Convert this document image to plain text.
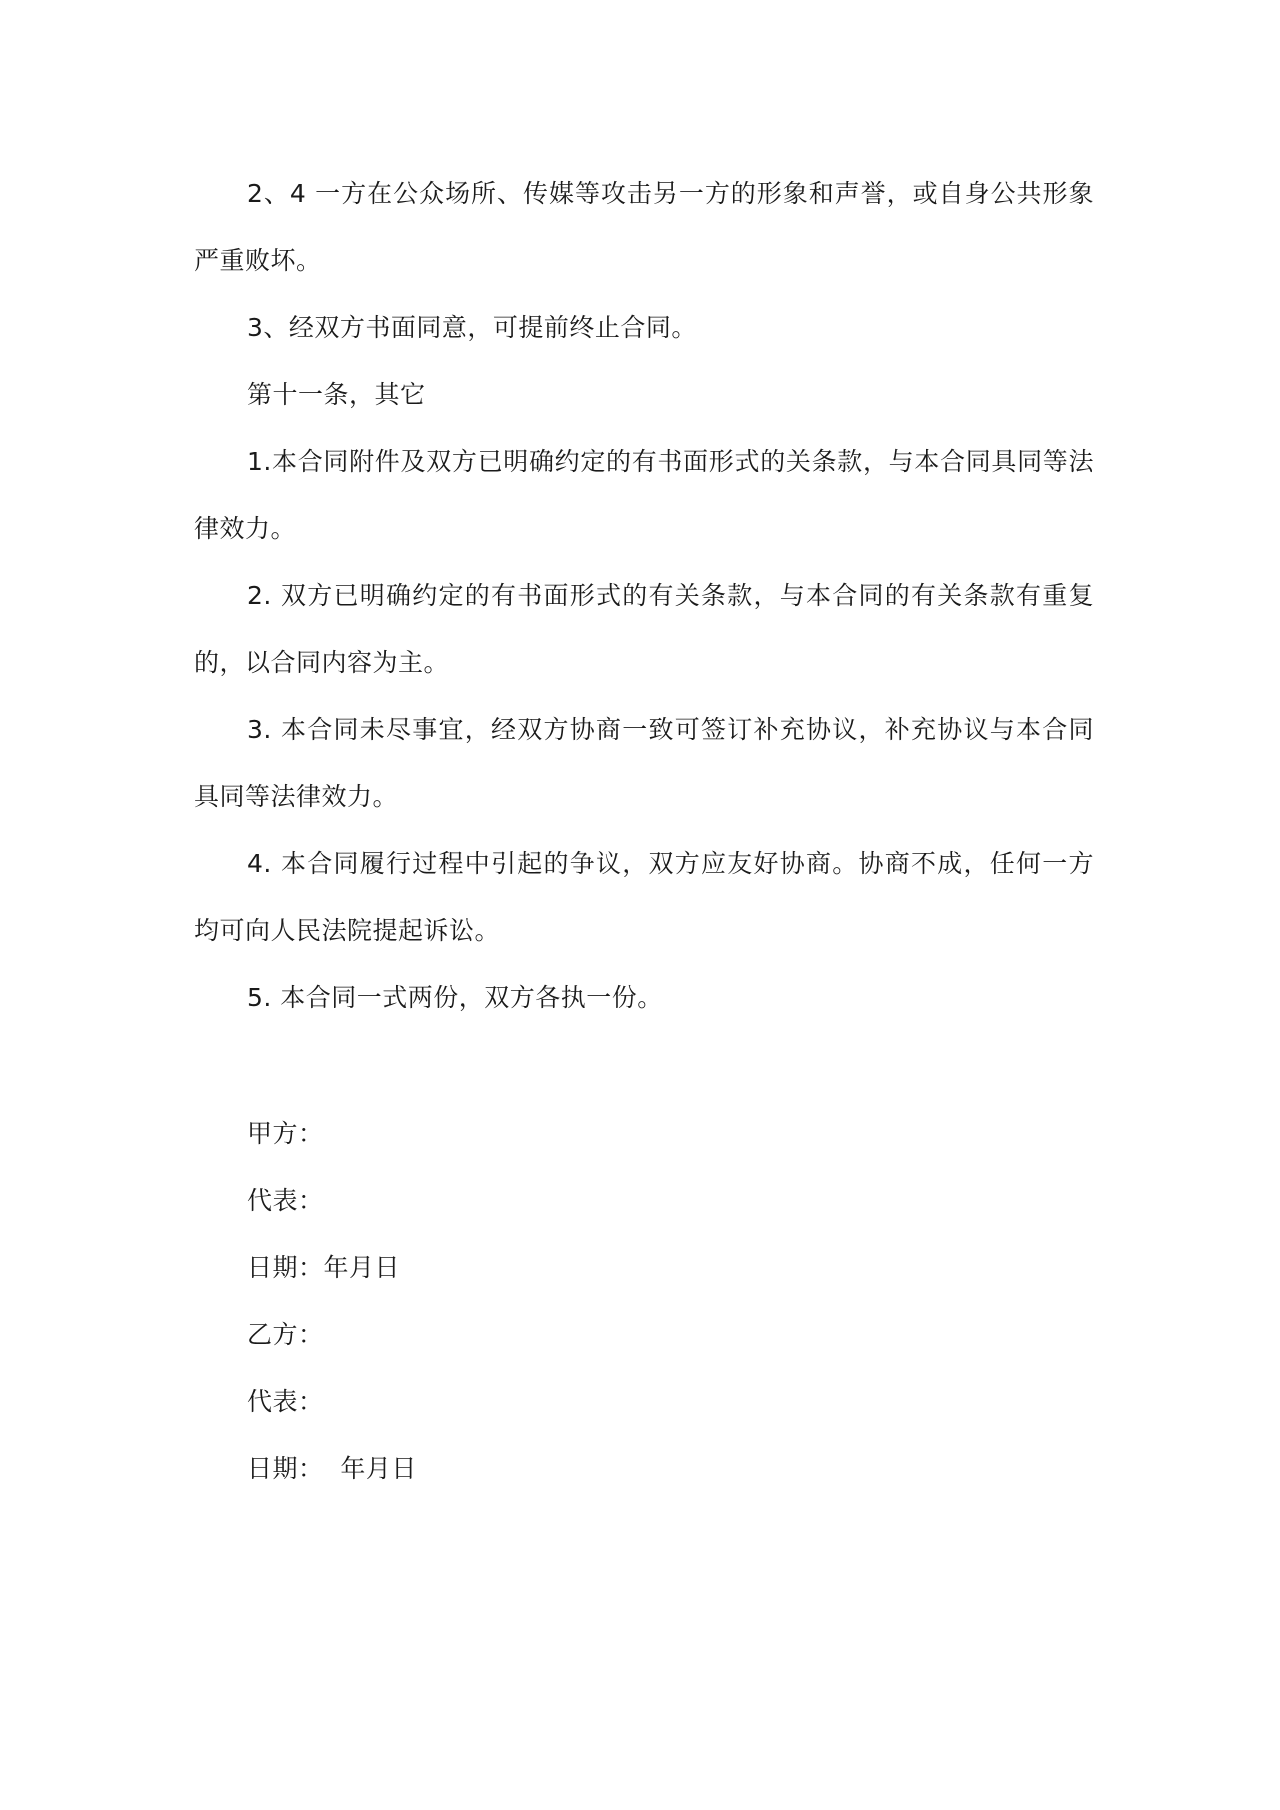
2、4 一方在公众场所、传媒等攻击另一方的形象和声誉，或自身公共形象严重败坏。

3、经双方书面同意，可提前终止合同。

第十一条，其它

1.本合同附件及双方已明确约定的有书面形式的关条款，与本合同具同等法律效力。

2. 双方已明确约定的有书面形式的有关条款，与本合同的有关条款有重复的，以合同内容为主。

3. 本合同未尽事宜，经双方协商一致可签订补充协议，补充协议与本合同具同等法律效力。

4. 本合同履行过程中引起的争议，双方应友好协商。协商不成，任何一方均可向人民法院提起诉讼。

5. 本合同一式两份，双方各执一份。

甲方：
代表：
日期：年月日
乙方：
代表：
日期：  年月日
